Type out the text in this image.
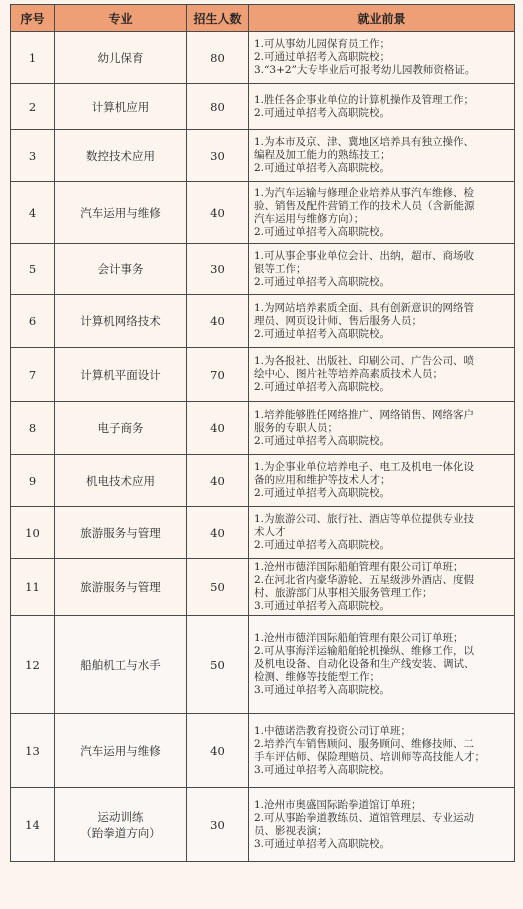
序号	专业	招生人数	就业前景
1	幼儿保育	80	1.可从事幼儿园保育员工作；
2.可通过单招考入高职院校；
3.“3+2”大专毕业后可报考幼儿园教师资格证。

2	计算机应用	80	1.胜任各企事业单位的计算机操作及管理工作；
2.可通过单招考入高职院校。

3	数控技术应用	30	1.为本市及京、津、冀地区培养具有独立操作、
编程及加工能力的熟练技工；
2.可通过单招考入高职院校。

4	汽车运用与维修	40	1.为汽车运输与修理企业培养从事汽车维修、检
验、销售及配件营销工作的技术人员（含新能源
汽车运用与维修方向）；
2.可通过单招考入高职院校。

5	会计事务	30	1.可从事企事业单位会计、出纳，超市、商场收
银等工作；
2.可通过单招考入高职院校。

6	计算机网络技术	40	1.为网站培养素质全面、具有创新意识的网络管
理员、网页设计师、售后服务人员；
2.可通过单招考入高职院校。

7	计算机平面设计	70	1.为各报社、出版社、印刷公司、广告公司、喷
绘中心、图片社等培养高素质技术人员；
2.可通过单招考入高职院校。

8	电子商务	40	1.培养能够胜任网络推广、网络销售、网络客户
服务的专职人员；
2.可通过单招考入高职院校。

9	机电技术应用	40	1.为企事业单位培养电子、电工及机电一体化设
备的应用和维护等技术人才；
2.可通过单招考入高职院校。

10	旅游服务与管理	40	1.为旅游公司、旅行社、酒店等单位提供专业技
术人才
2.可通过单招考入高职院校。

11	旅游服务与管理	50	1.沧州市德洋国际船舶管理有限公司订单班；
2.在河北省内豪华游轮、五星级涉外酒店、度假
村、旅游部门从事相关服务管理工作；
3.可通过单招考入高职院校。

12	船舶机工与水手	50	1.沧州市德洋国际船舶管理有限公司订单班；
2.可从事海洋运输船舶轮机操纵、维修工作，以
及机电设备、自动化设备和生产线安装、调试、
检测、维修等技能型工作；
3.可通过单招考入高职院校。

13	汽车运用与维修	40	1.中德诺浩教育投资公司订单班；
2.培养汽车销售顾问、服务顾问、维修技师、二
手车评估师、保险理赔员、培训师等高技能人才；
3.可通过单招考入高职院校。

14	运动训练
（跆拳道方向）	30	1.沧州市奥盛国际跆拳道馆订单班；
2.可从事跆拳道教练员、道馆管理层、专业运动
员、影视表演；
3.可通过单招考入高职院校。
